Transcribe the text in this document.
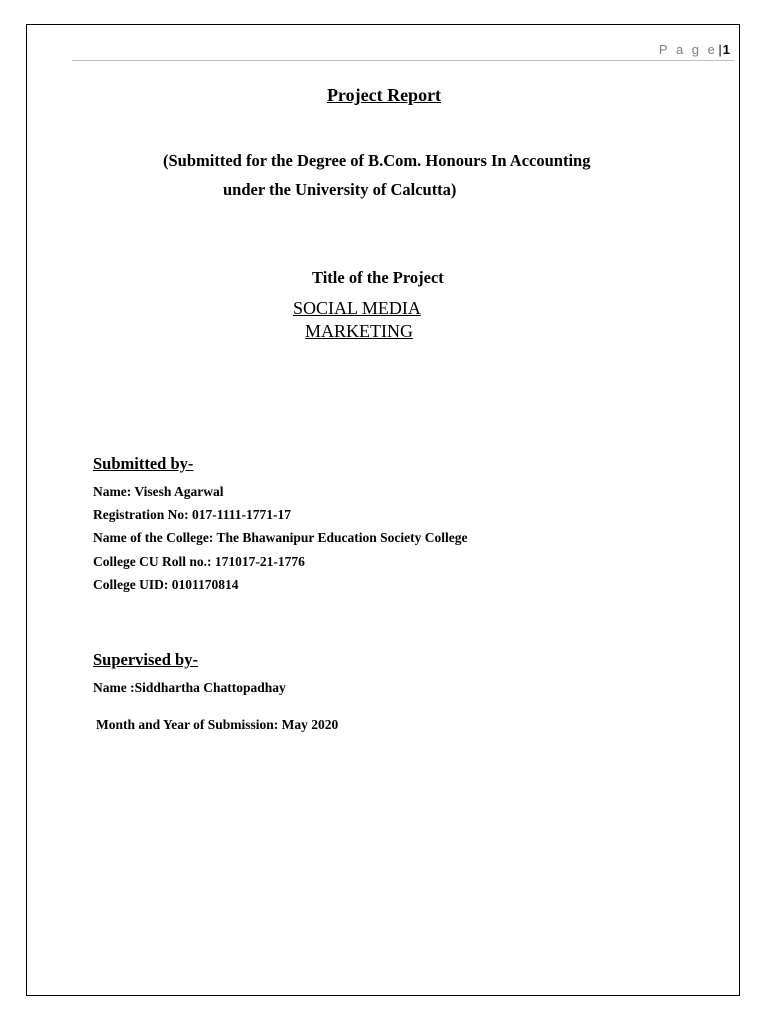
P a g e|1
Project Report
(Submitted for the Degree of B.Com. Honours In Accounting
under the University of Calcutta)
Title of the Project
SOCIAL MEDIA
MARKETING
Submitted by-
Name: Visesh Agarwal
Registration No: 017-1111-1771-17
Name of the College: The Bhawanipur Education Society College
College CU Roll no.: 171017-21-1776
College UID: 0101170814
Supervised by-
Name :Siddhartha Chattopadhay
Month and Year of Submission: May 2020
